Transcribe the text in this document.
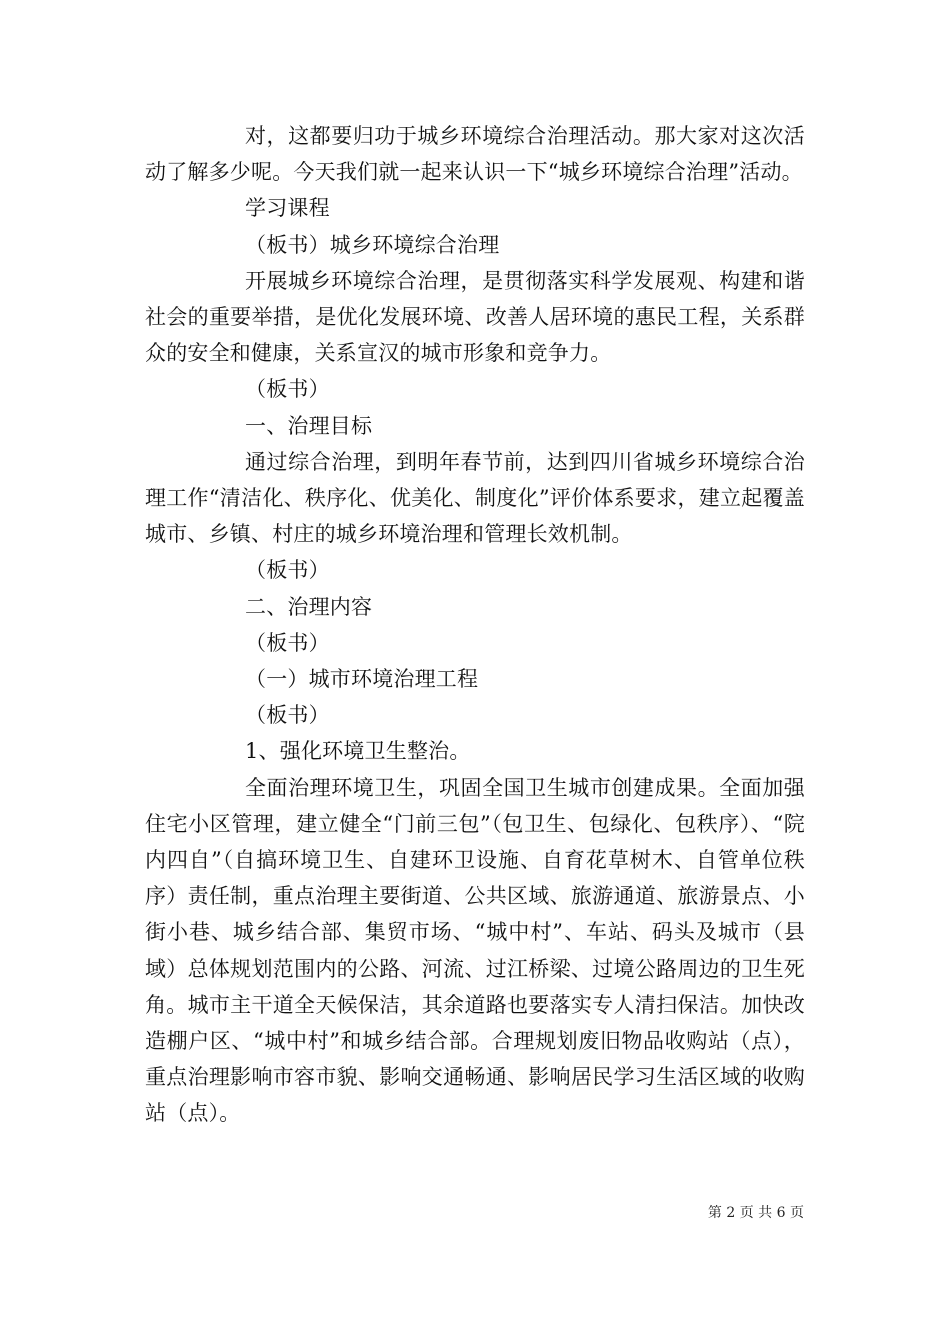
对，这都要归功于城乡环境综合治理活动。那大家对这次活动了解多少呢。今天我们就一起来认识一下“城乡环境综合治理”活动。

学习课程

（板书）城乡环境综合治理

开展城乡环境综合治理，是贯彻落实科学发展观、构建和谐社会的重要举措，是优化发展环境、改善人居环境的惠民工程，关系群众的安全和健康，关系宣汉的城市形象和竞争力。

（板书）

一、治理目标

通过综合治理，到明年春节前，达到四川省城乡环境综合治理工作“清洁化、秩序化、优美化、制度化”评价体系要求，建立起覆盖城市、乡镇、村庄的城乡环境治理和管理长效机制。

（板书）

二、治理内容

（板书）

（一）城市环境治理工程

（板书）

1、强化环境卫生整治。

全面治理环境卫生，巩固全国卫生城市创建成果。全面加强住宅小区管理，建立健全“门前三包”（包卫生、包绿化、包秩序）、“院内四自”（自搞环境卫生、自建环卫设施、自育花草树木、自管单位秩序）责任制，重点治理主要街道、公共区域、旅游通道、旅游景点、小街小巷、城乡结合部、集贸市场、“城中村”、车站、码头及城市（县域）总体规划范围内的公路、河流、过江桥梁、过境公路周边的卫生死角。城市主干道全天候保洁，其余道路也要落实专人清扫保洁。加快改造棚户区、“城中村”和城乡结合部。合理规划废旧物品收购站（点），重点治理影响市容市貌、影响交通畅通、影响居民学习生活区域的收购站（点）。

第 2 页 共 6 页
